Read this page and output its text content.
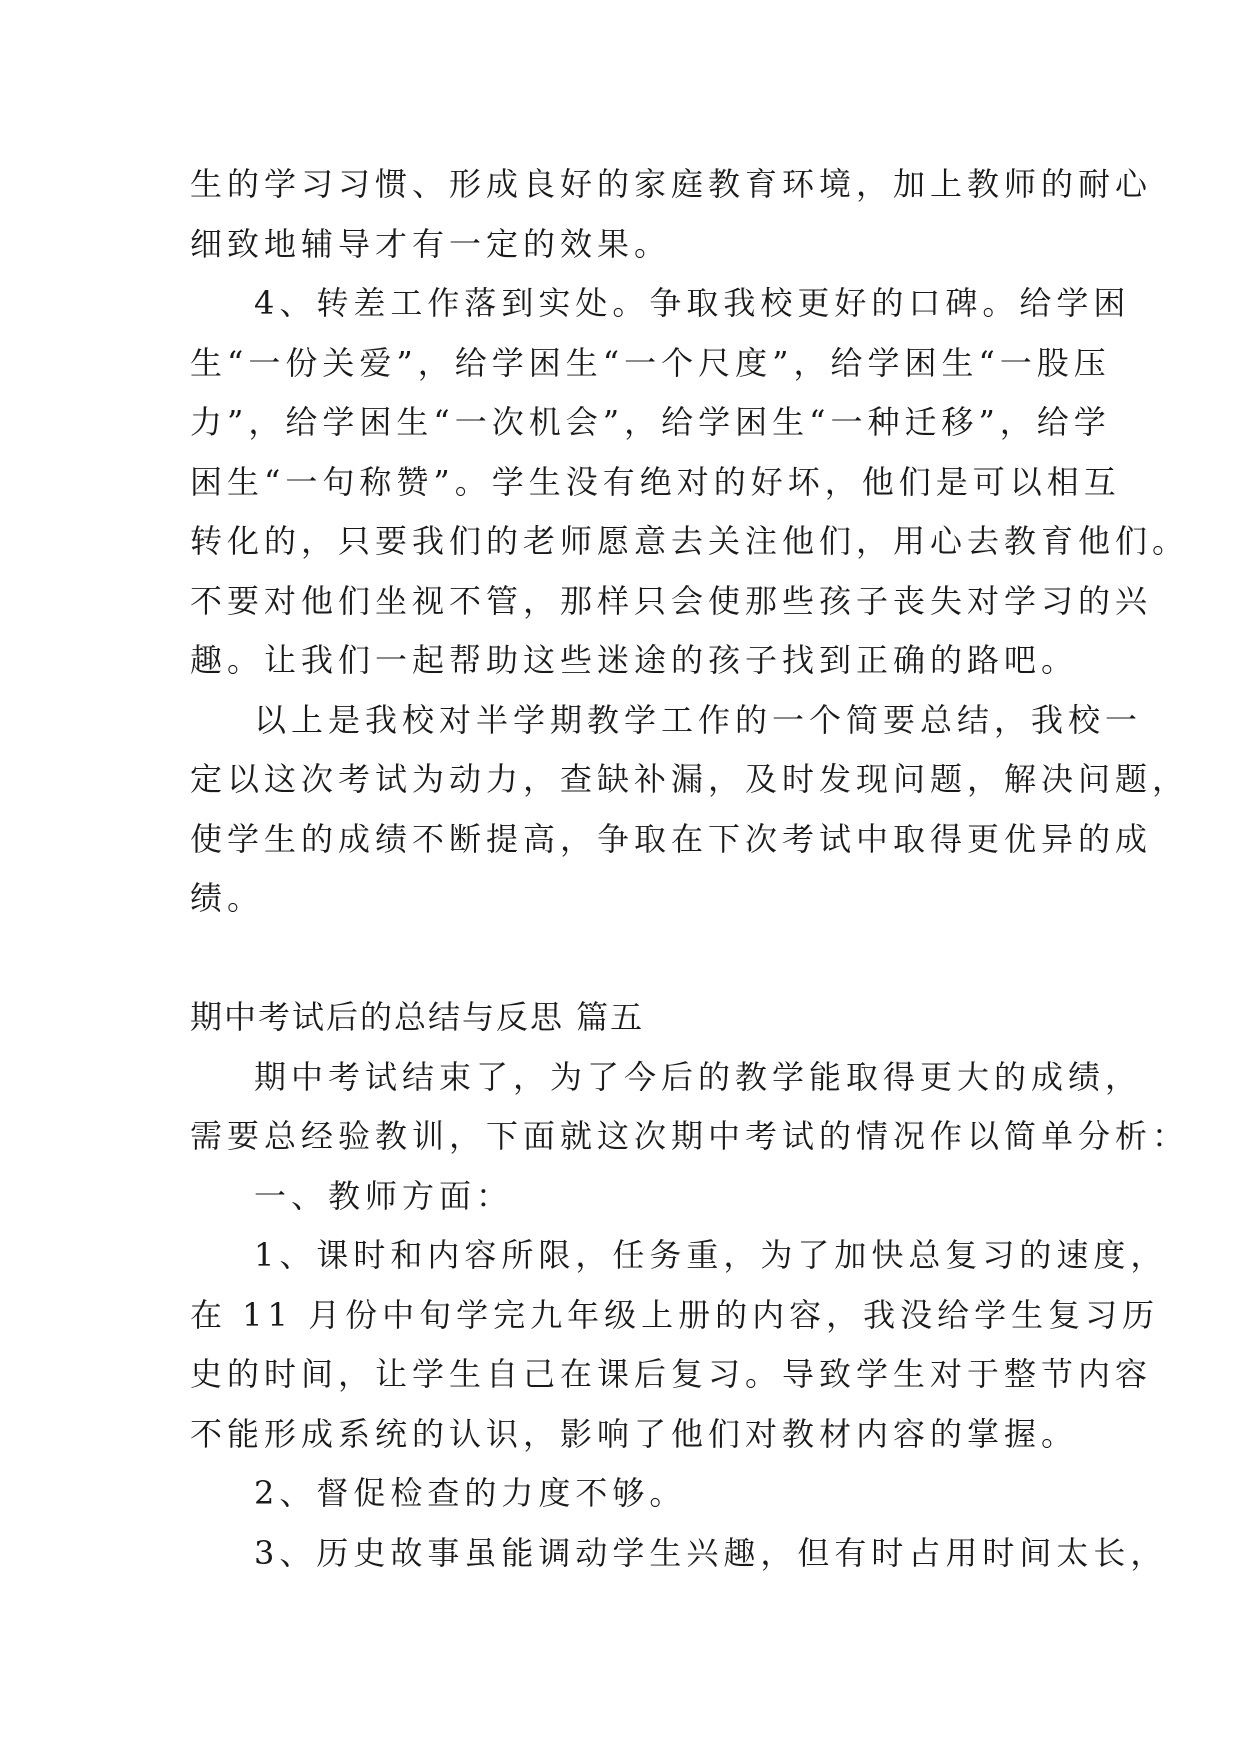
生的学习习惯、形成良好的家庭教育环境，加上教师的耐心
细致地辅导才有一定的效果。
4、转差工作落到实处。争取我校更好的口碑。给学困
生“一份关爱”，给学困生“一个尺度”，给学困生“一股压
力”，给学困生“一次机会”，给学困生“一种迁移”，给学
困生“一句称赞”。学生没有绝对的好坏，他们是可以相互
转化的，只要我们的老师愿意去关注他们，用心去教育他们。
不要对他们坐视不管，那样只会使那些孩子丧失对学习的兴
趣。让我们一起帮助这些迷途的孩子找到正确的路吧。
以上是我校对半学期教学工作的一个简要总结，我校一
定以这次考试为动力，查缺补漏，及时发现问题，解决问题，
使学生的成绩不断提高，争取在下次考试中取得更优异的成
绩。
期中考试后的总结与反思 篇五
期中考试结束了，为了今后的教学能取得更大的成绩，
需要总经验教训，下面就这次期中考试的情况作以简单分析：
一、教师方面：
1、课时和内容所限，任务重，为了加快总复习的速度，
在 11 月份中旬学完九年级上册的内容，我没给学生复习历
史的时间，让学生自己在课后复习。导致学生对于整节内容
不能形成系统的认识，影响了他们对教材内容的掌握。
2、督促检查的力度不够。
3、历史故事虽能调动学生兴趣，但有时占用时间太长，
